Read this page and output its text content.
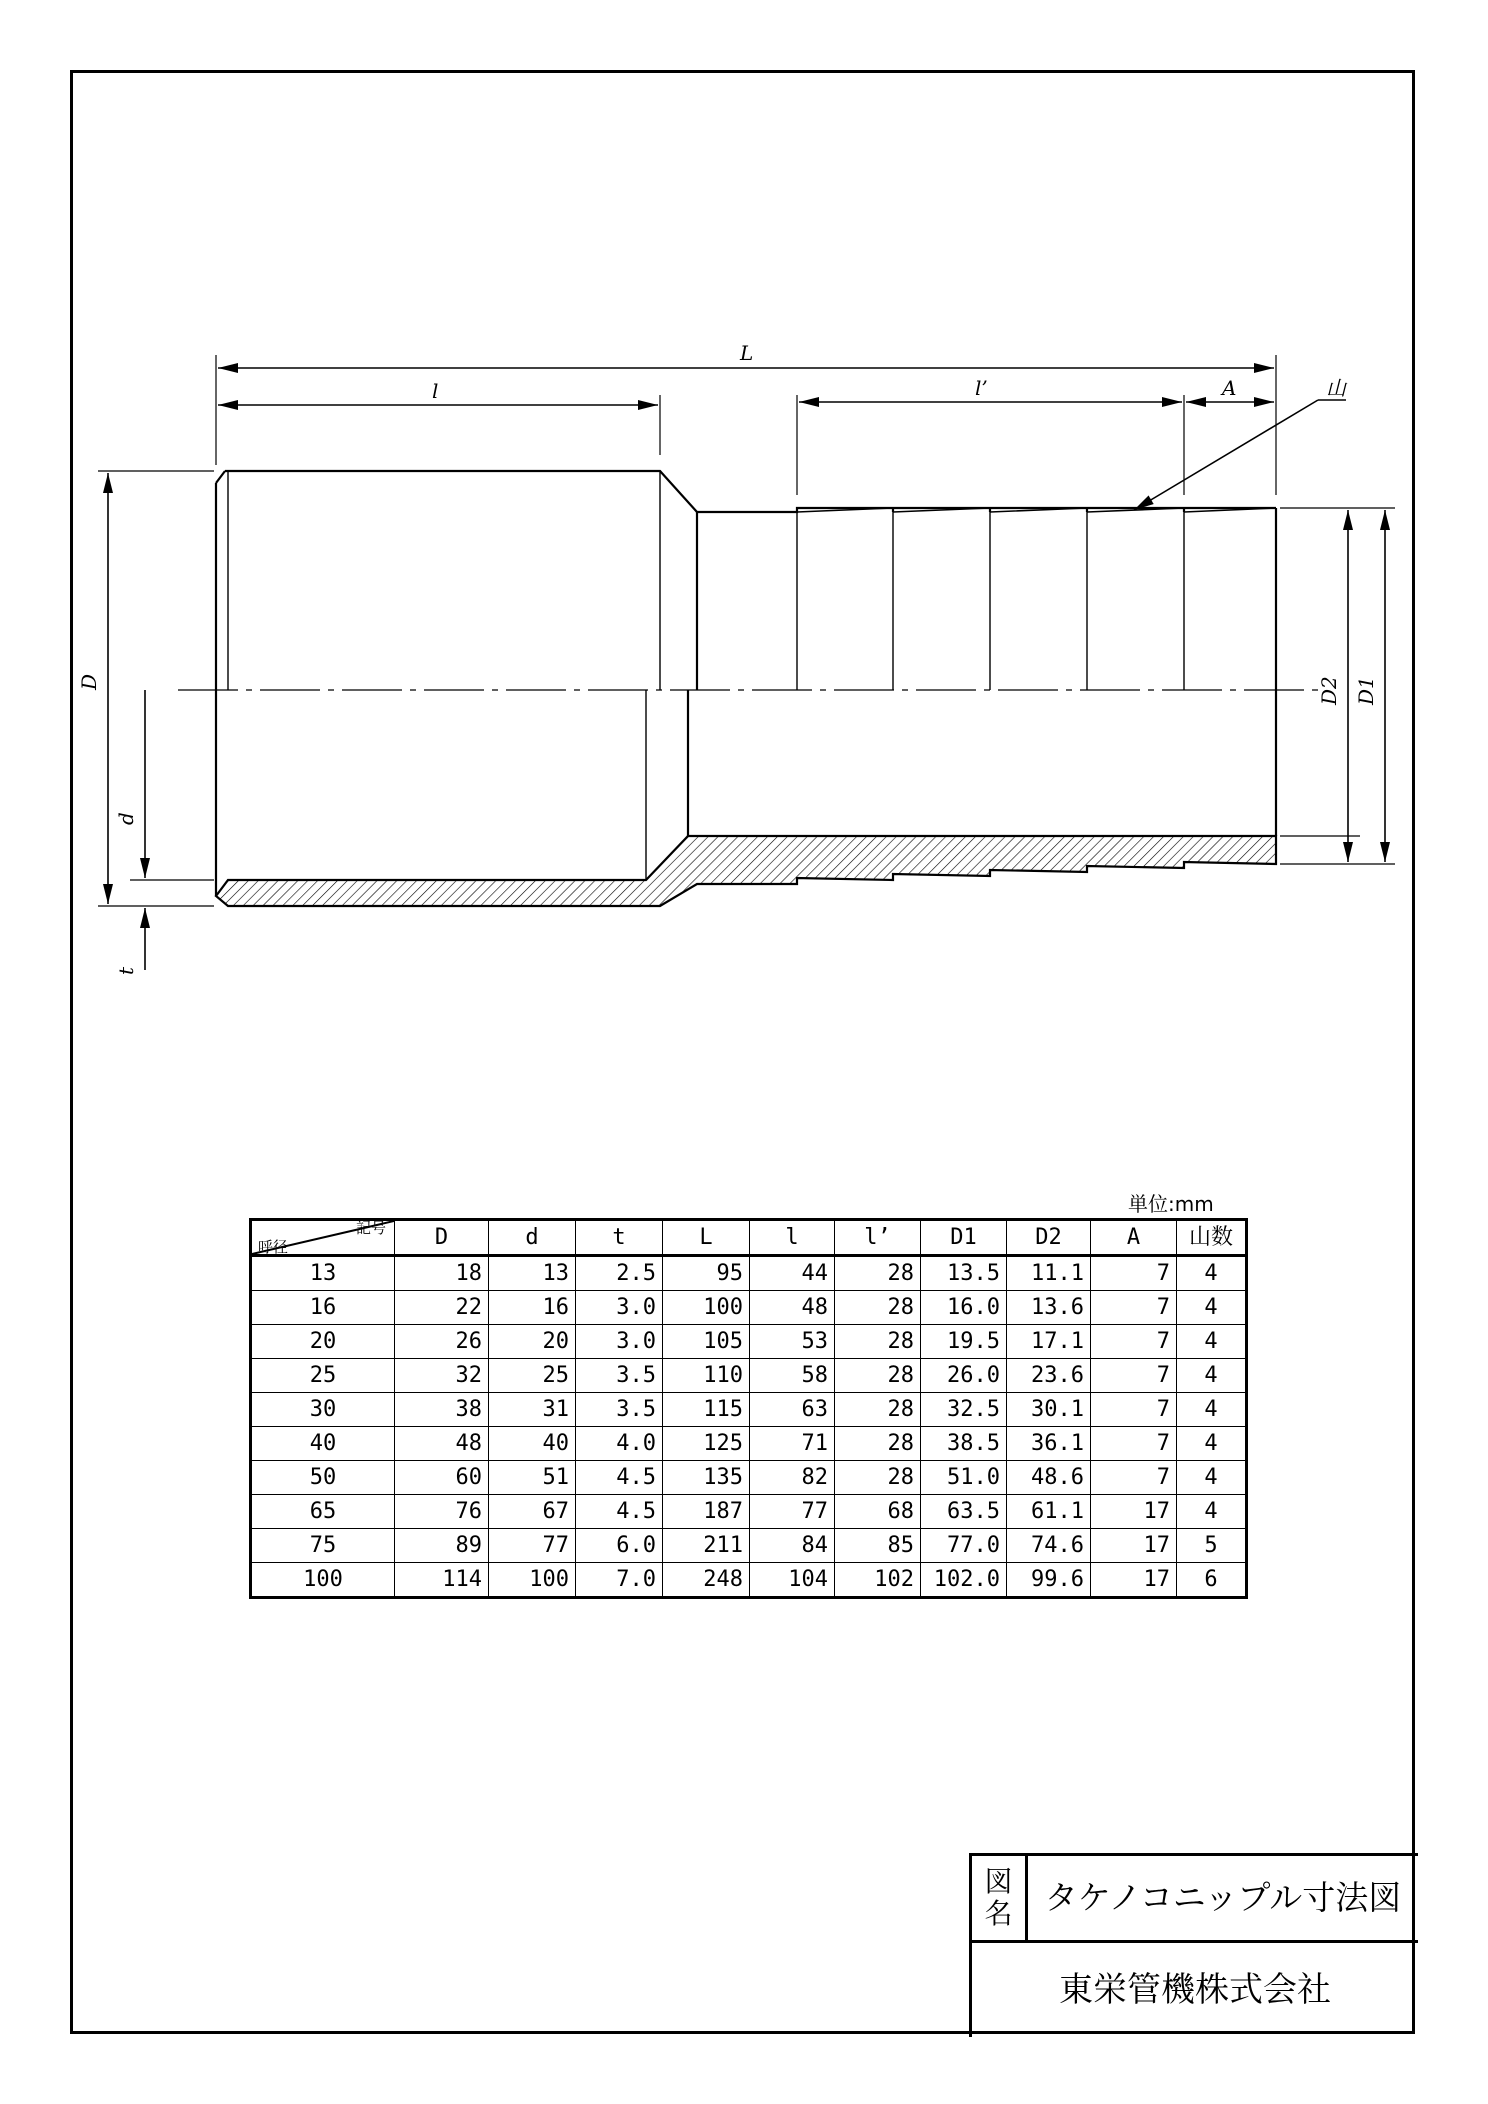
L
l	l’	A	山
D
d
t
D2 D1
単位:mm
記号
呼径	D	d	t	L	l	l’	D1	D2	A	山数
13	18	13	2.5	95	44	28	13.5	11.1	7	4
16	22	16	3.0	100	48	28	16.0	13.6	7	4
20	26	20	3.0	105	53	28	19.5	17.1	7	4
25	32	25	3.5	110	58	28	26.0	23.6	7	4
30	38	31	3.5	115	63	28	32.5	30.1	7	4
40	48	40	4.0	125	71	28	38.5	36.1	7	4
50	60	51	4.5	135	82	28	51.0	48.6	7	4
65	76	67	4.5	187	77	68	63.5	61.1	17	4
75	89	77	6.0	211	84	85	77.0	74.6	17	5
100	114	100	7.0	248	104	102	102.0	99.6	17	6
図
名 タケノコニップル寸法図
東栄管機株式会社
